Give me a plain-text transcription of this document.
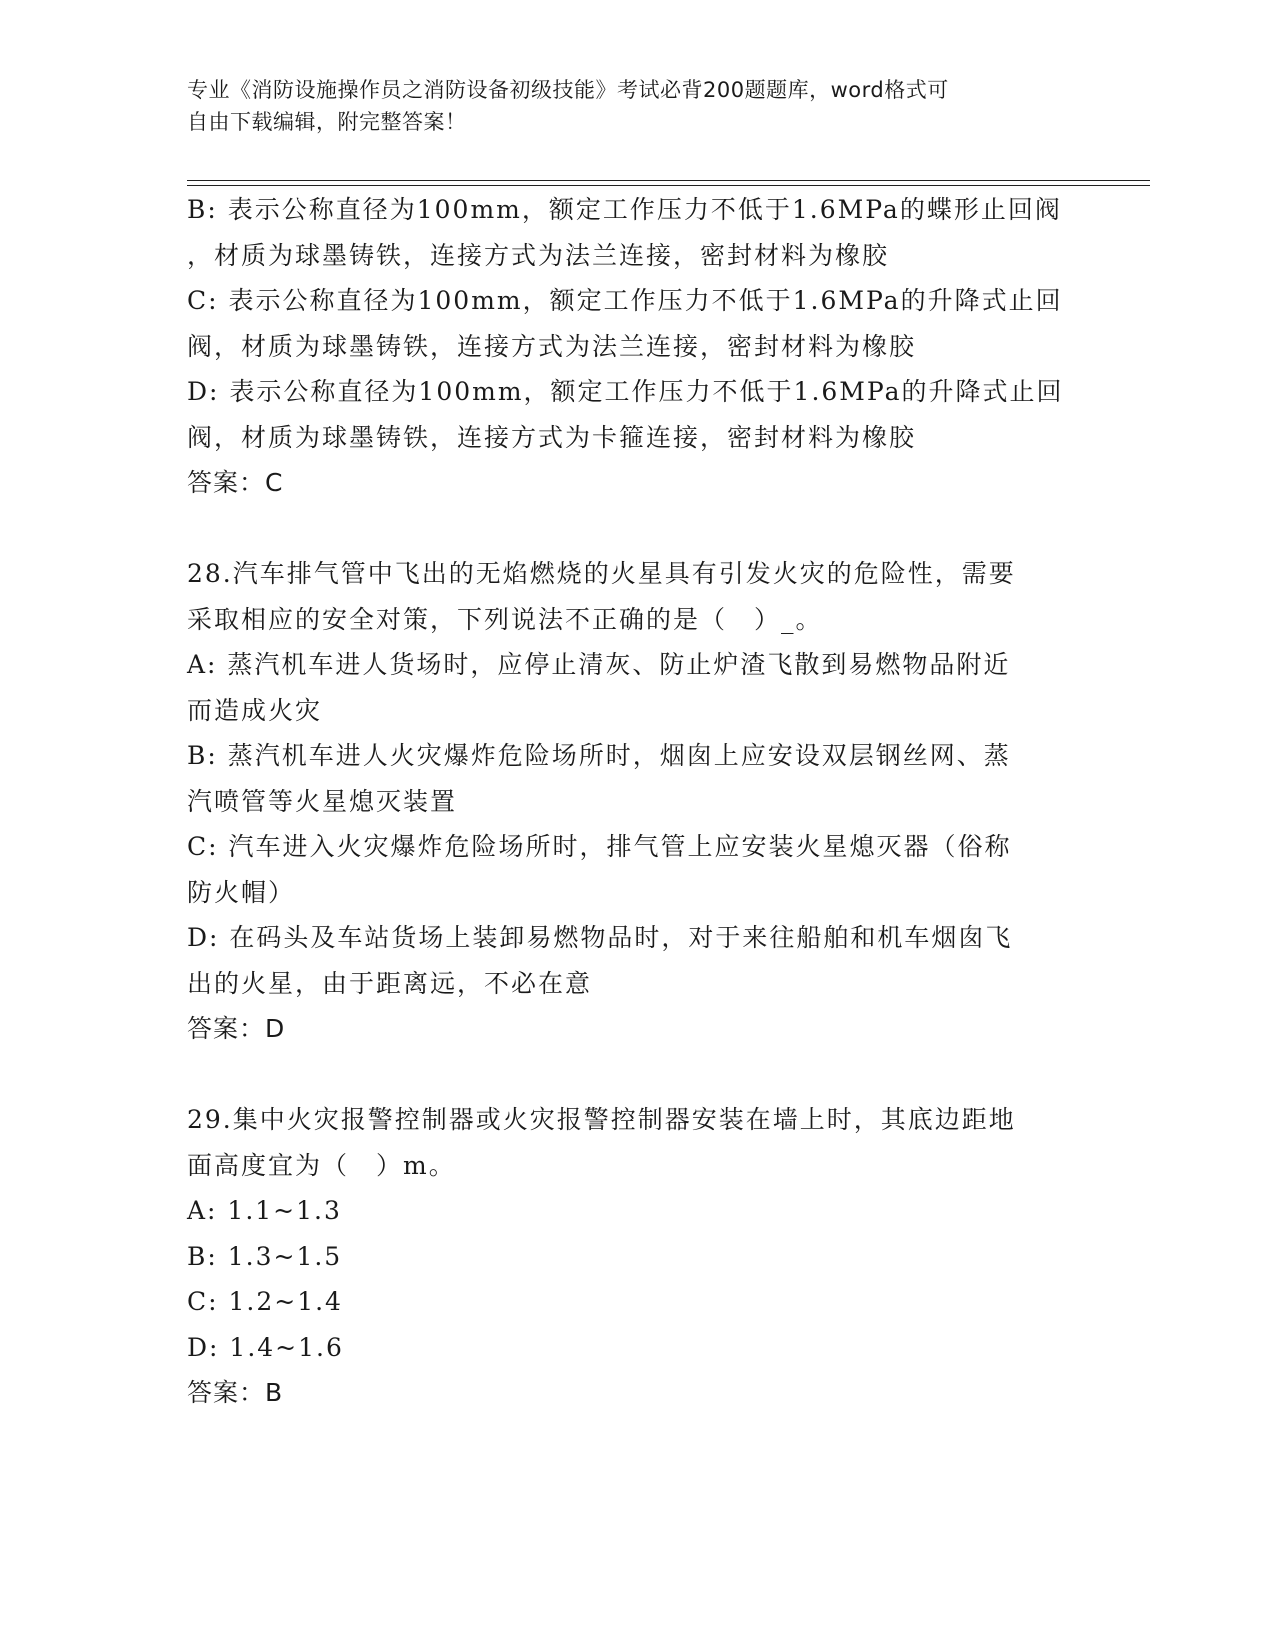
专业《消防设施操作员之消防设备初级技能》考试必背200题题库，word格式可
自由下载编辑，附完整答案！
B: 表示公称直径为100mm，额定工作压力不低于1.6MPa的蝶形止回阀
，材质为球墨铸铁，连接方式为法兰连接，密封材料为橡胶
C: 表示公称直径为100mm，额定工作压力不低于1.6MPa的升降式止回
阀，材质为球墨铸铁，连接方式为法兰连接，密封材料为橡胶
D: 表示公称直径为100mm，额定工作压力不低于1.6MPa的升降式止回
阀，材质为球墨铸铁，连接方式为卡箍连接，密封材料为橡胶
答案：C
28.汽车排气管中飞出的无焰燃烧的火星具有引发火灾的危险性，需要
采取相应的安全对策，下列说法不正确的是（　）_。
A: 蒸汽机车进人货场时，应停止清灰、防止炉渣飞散到易燃物品附近
而造成火灾
B: 蒸汽机车进人火灾爆炸危险场所时，烟囱上应安设双层钢丝网、蒸
汽喷管等火星熄灭装置
C: 汽车进入火灾爆炸危险场所时，排气管上应安装火星熄灭器（俗称
防火帽）
D: 在码头及车站货场上装卸易燃物品时，对于来往船舶和机车烟囱飞
出的火星，由于距离远，不必在意
答案：D
29.集中火灾报警控制器或火灾报警控制器安装在墙上时，其底边距地
面高度宜为（　）m。
A: 1.1~1.3
B: 1.3~1.5
C: 1.2~1.4
D: 1.4~1.6
答案：B
